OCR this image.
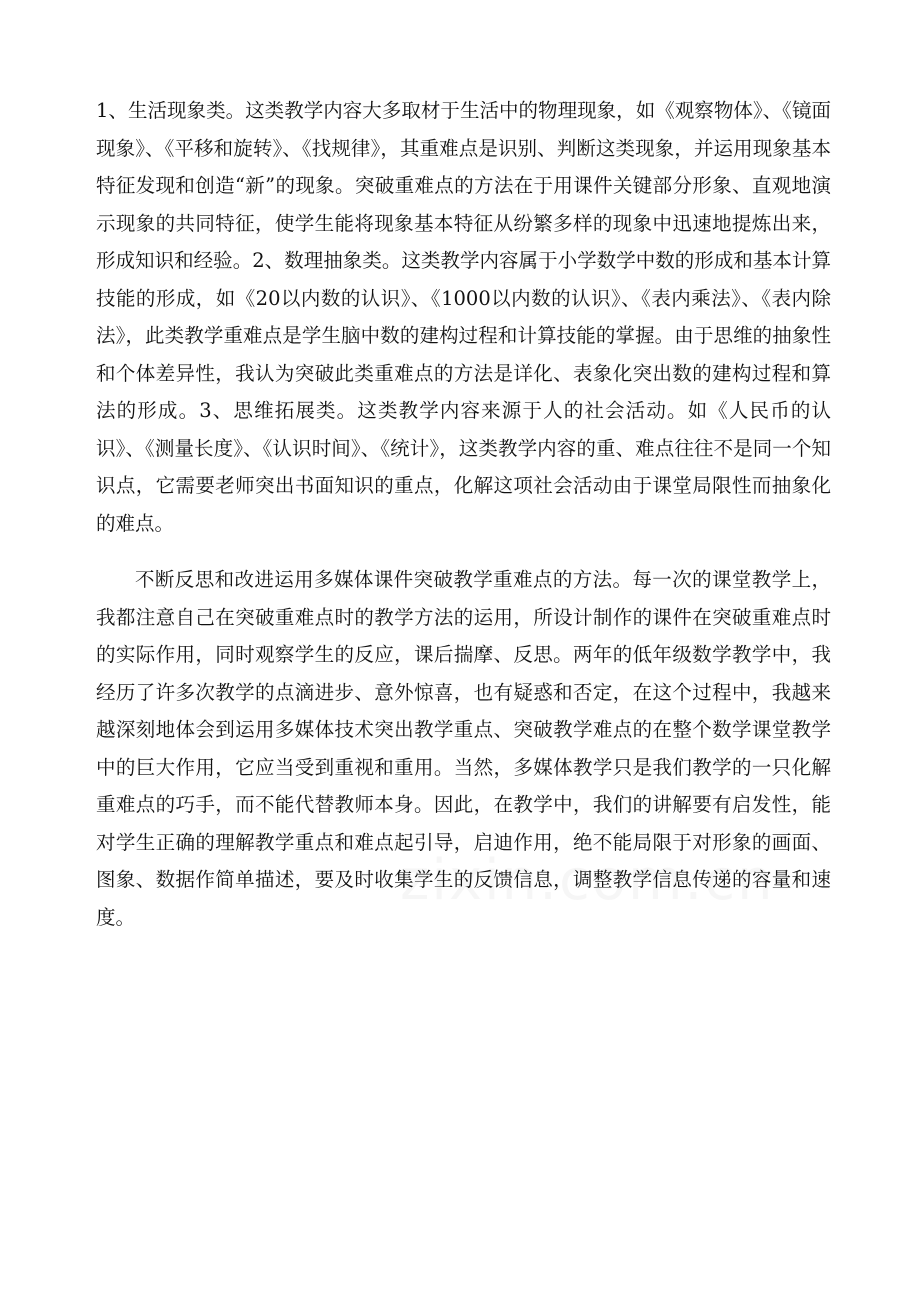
1、生活现象类。这类教学内容大多取材于生活中的物理现象，如《观察物体》、《镜面现象》、《平移和旋转》、《找规律》，其重难点是识别、判断这类现象，并运用现象基本特征发现和创造“新”的现象。突破重难点的方法在于用课件关键部分形象、直观地演示现象的共同特征，使学生能将现象基本特征从纷繁多样的现象中迅速地提炼出来，形成知识和经验。2、数理抽象类。这类教学内容属于小学数学中数的形成和基本计算技能的形成，如《20以内数的认识》、《1000以内数的认识》、《表内乘法》、《表内除法》，此类教学重难点是学生脑中数的建构过程和计算技能的掌握。由于思维的抽象性和个体差异性，我认为突破此类重难点的方法是详化、表象化突出数的建构过程和算法的形成。3、思维拓展类。这类教学内容来源于人的社会活动。如《人民币的认识》、《测量长度》、《认识时间》、《统计》，这类教学内容的重、难点往往不是同一个知识点，它需要老师突出书面知识的重点，化解这项社会活动由于课堂局限性而抽象化的难点。

不断反思和改进运用多媒体课件突破教学重难点的方法。每一次的课堂教学上，我都注意自己在突破重难点时的教学方法的运用，所设计制作的课件在突破重难点时的实际作用，同时观察学生的反应，课后揣摩、反思。两年的低年级数学教学中，我经历了许多次教学的点滴进步、意外惊喜，也有疑惑和否定，在这个过程中，我越来越深刻地体会到运用多媒体技术突出教学重点、突破教学难点的在整个数学课堂教学中的巨大作用，它应当受到重视和重用。当然，多媒体教学只是我们教学的一只化解重难点的巧手，而不能代替教师本身。因此，在教学中，我们的讲解要有启发性，能对学生正确的理解教学重点和难点起引导，启迪作用，绝不能局限于对形象的画面、图象、数据作简单描述，要及时收集学生的反馈信息，调整教学信息传递的容量和速度。
